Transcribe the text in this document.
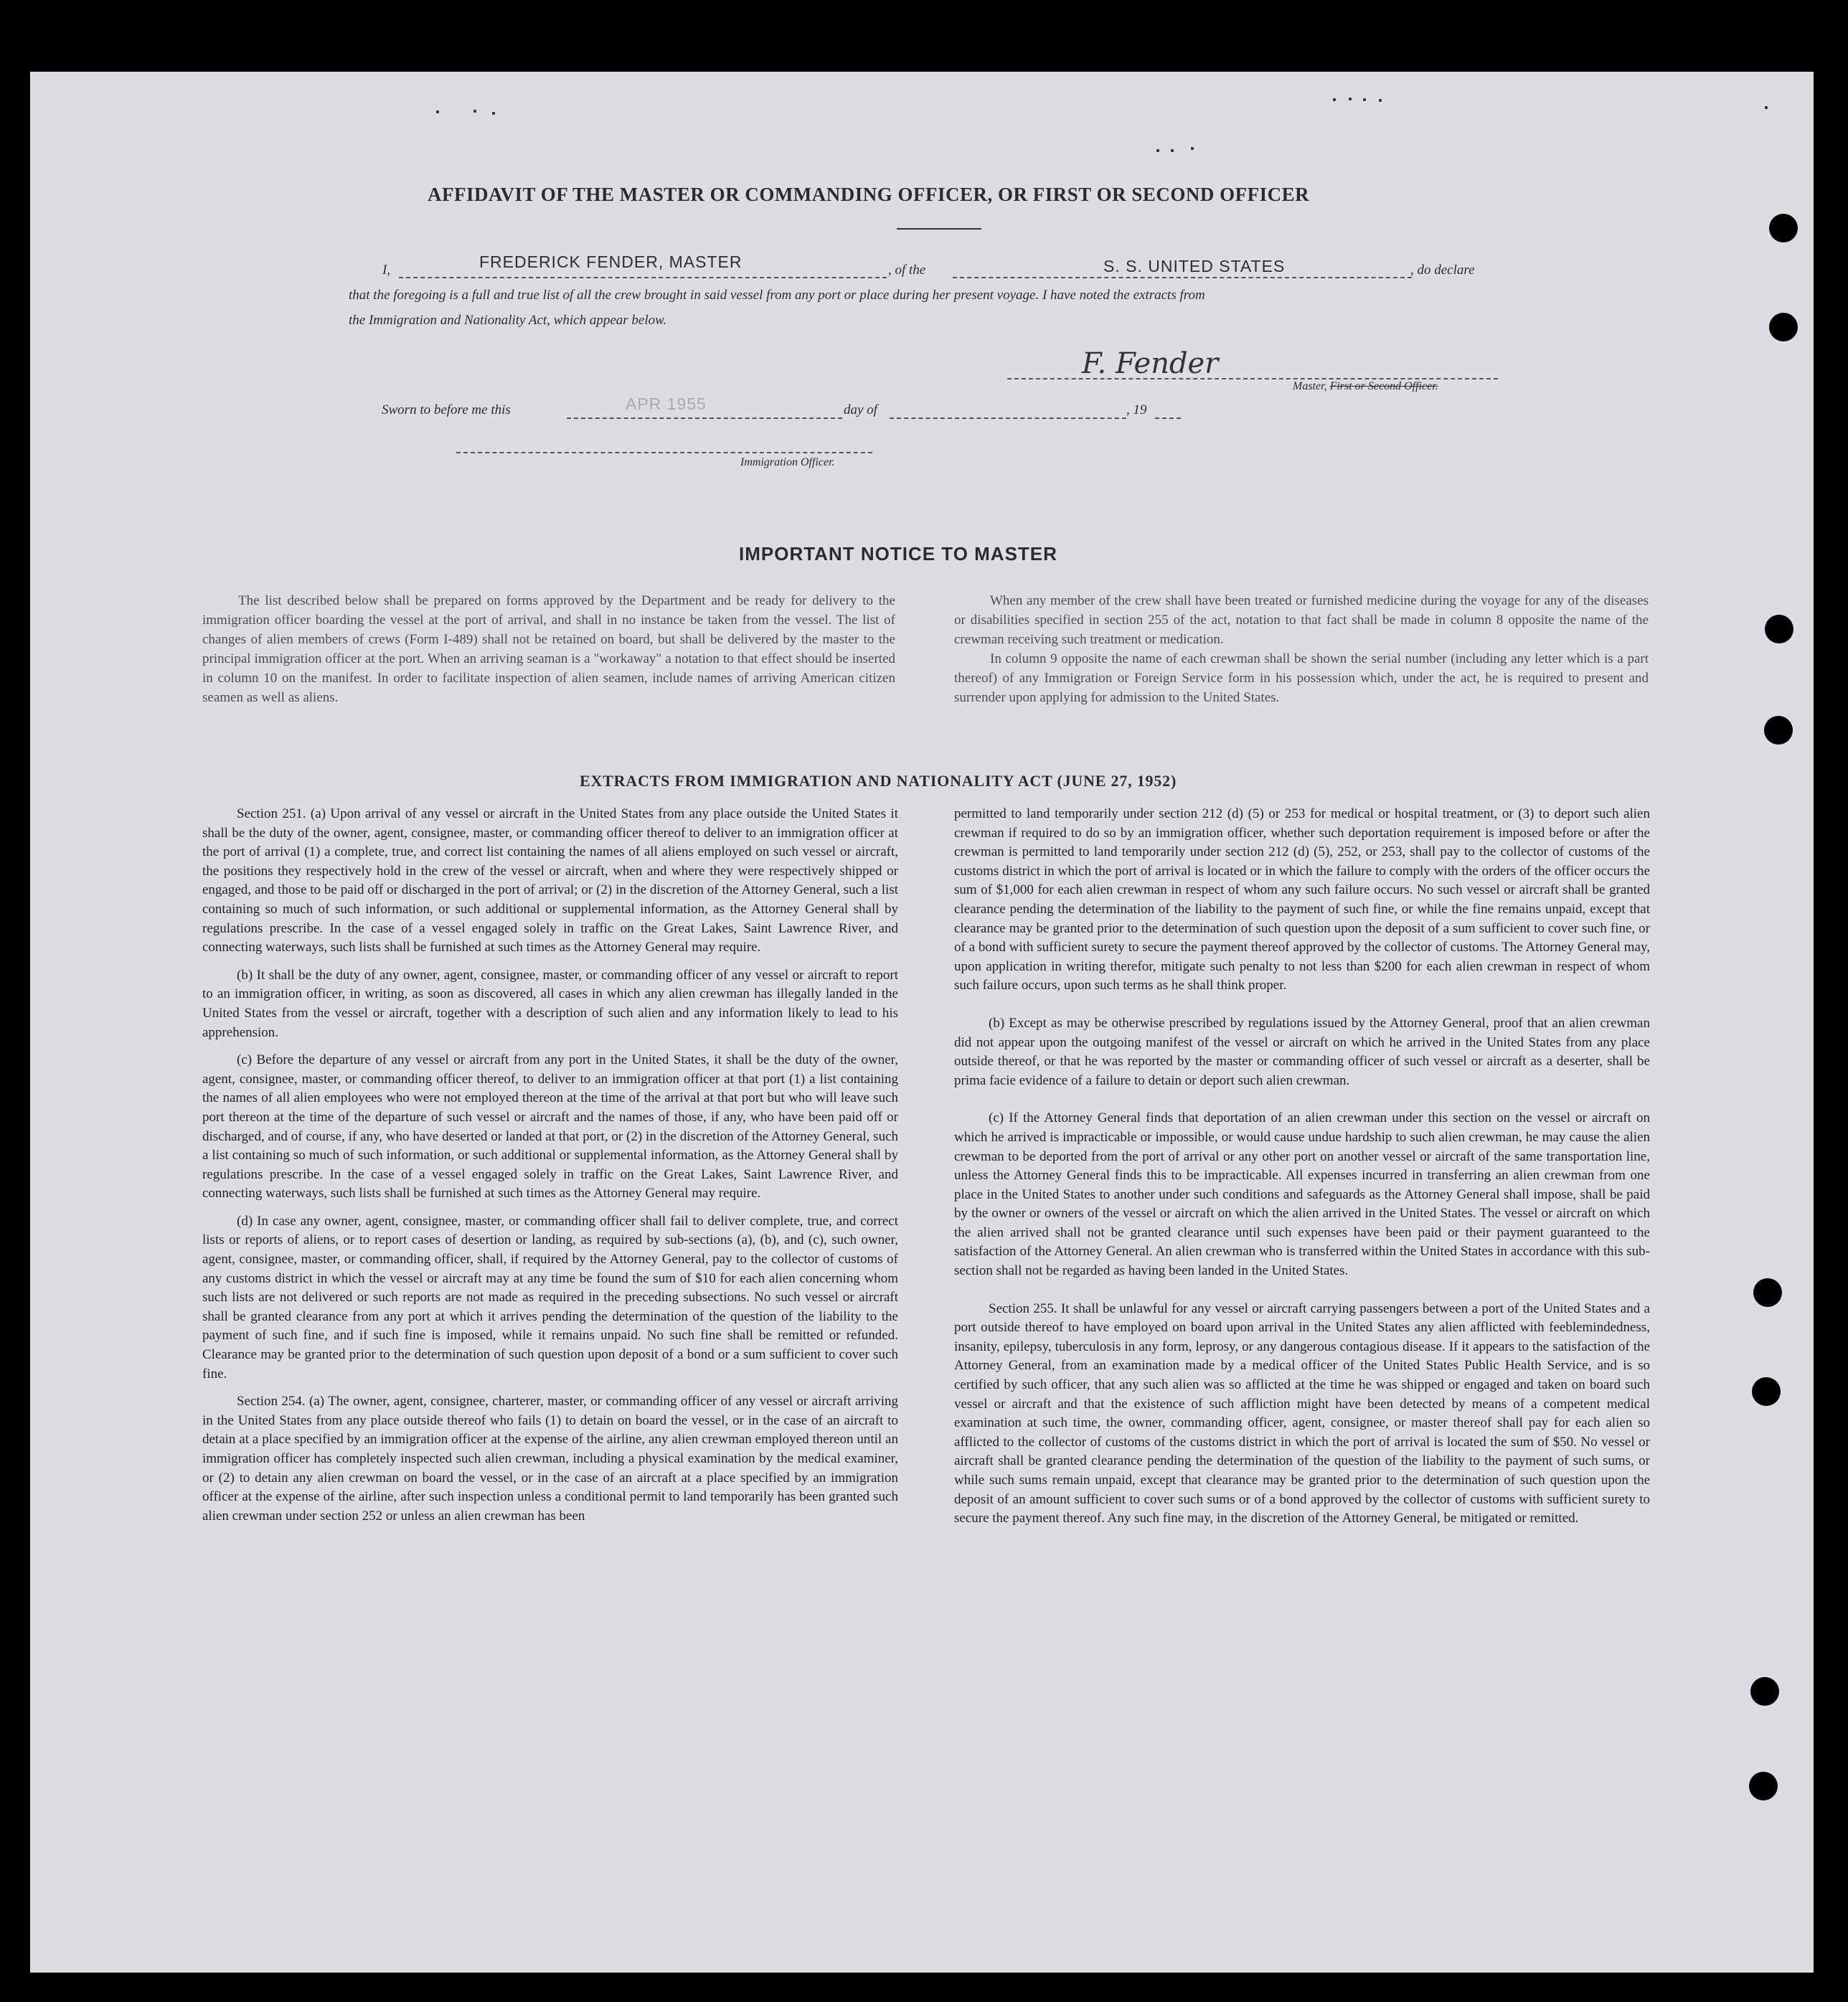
AFFIDAVIT OF THE MASTER OR COMMANDING OFFICER, OR FIRST OR SECOND OFFICER
I,	FREDERICK FENDER, MASTER	, of the	S. S. UNITED STATES	, do declare
that the foregoing is a full and true list of all the crew brought in said vessel from any port or place during her present voyage. I have noted the extracts from
the Immigration and Nationality Act, which appear below.
F. Fender
Master, First or Second Officer.
Sworn to before me this	APR 1955	day of	, 19
Immigration Officer.
IMPORTANT NOTICE TO MASTER

The list described below shall be prepared on forms approved by the Department and be ready for delivery to the immigration officer boarding the vessel at the port of arrival, and shall in no instance be taken from the vessel. The list of changes of alien members of crews (Form I-489) shall not be retained on board, but shall be delivered by the master to the principal immigration officer at the port. When an arriving seaman is a "workaway" a notation to that effect should be inserted in column 10 on the manifest. In order to facilitate inspection of alien seamen, include names of arriving American citizen seamen as well as aliens.

When any member of the crew shall have been treated or furnished medicine during the voyage for any of the diseases or disabilities specified in section 255 of the act, notation to that fact shall be made in column 8 opposite the name of the crewman receiving such treatment or medication.

In column 9 opposite the name of each crewman shall be shown the serial number (including any letter which is a part thereof) of any Immigration or Foreign Service form in his possession which, under the act, he is required to present and surrender upon applying for admission to the United States.

EXTRACTS FROM IMMIGRATION AND NATIONALITY ACT (JUNE 27, 1952)

Section 251. (a) Upon arrival of any vessel or aircraft in the United States from any place outside the United States it shall be the duty of the owner, agent, consignee, master, or commanding officer thereof to deliver to an immigration officer at the port of arrival (1) a complete, true, and correct list containing the names of all aliens employed on such vessel or aircraft, the positions they respectively hold in the crew of the vessel or aircraft, when and where they were respectively shipped or engaged, and those to be paid off or discharged in the port of arrival; or (2) in the discretion of the Attorney General, such a list containing so much of such information, or such additional or supplemental information, as the Attorney General shall by regulations prescribe. In the case of a vessel engaged solely in traffic on the Great Lakes, Saint Lawrence River, and connecting waterways, such lists shall be furnished at such times as the Attorney General may require.

(b) It shall be the duty of any owner, agent, consignee, master, or commanding officer of any vessel or aircraft to report to an immigration officer, in writing, as soon as discovered, all cases in which any alien crewman has illegally landed in the United States from the vessel or aircraft, together with a description of such alien and any information likely to lead to his apprehension.

(c) Before the departure of any vessel or aircraft from any port in the United States, it shall be the duty of the owner, agent, consignee, master, or commanding officer thereof, to deliver to an immigration officer at that port (1) a list containing the names of all alien employees who were not employed thereon at the time of the arrival at that port but who will leave such port thereon at the time of the departure of such vessel or aircraft and the names of those, if any, who have been paid off or discharged, and of course, if any, who have deserted or landed at that port, or (2) in the discretion of the Attorney General, such a list containing so much of such information, or such additional or supplemental information, as the Attorney General shall by regulations prescribe. In the case of a vessel engaged solely in traffic on the Great Lakes, Saint Lawrence River, and connecting waterways, such lists shall be furnished at such times as the Attorney General may require.

(d) In case any owner, agent, consignee, master, or commanding officer shall fail to deliver complete, true, and correct lists or reports of aliens, or to report cases of desertion or landing, as required by sub-sections (a), (b), and (c), such owner, agent, consignee, master, or commanding officer, shall, if required by the Attorney General, pay to the collector of customs of any customs district in which the vessel or aircraft may at any time be found the sum of $10 for each alien concerning whom such lists are not delivered or such reports are not made as required in the preceding subsections. No such vessel or aircraft shall be granted clearance from any port at which it arrives pending the determination of the question of the liability to the payment of such fine, and if such fine is imposed, while it remains unpaid. No such fine shall be remitted or refunded. Clearance may be granted prior to the determination of such question upon deposit of a bond or a sum sufficient to cover such fine.

Section 254. (a) The owner, agent, consignee, charterer, master, or commanding officer of any vessel or aircraft arriving in the United States from any place outside thereof who fails (1) to detain on board the vessel, or in the case of an aircraft to detain at a place specified by an immigration officer at the expense of the airline, any alien crewman employed thereon until an immigration officer has completely inspected such alien crewman, including a physical examination by the medical examiner, or (2) to detain any alien crewman on board the vessel, or in the case of an aircraft at a place specified by an immigration officer at the expense of the airline, after such inspection unless a conditional permit to land temporarily has been granted such alien crewman under section 252 or unless an alien crewman has been

permitted to land temporarily under section 212 (d) (5) or 253 for medical or hospital treatment, or (3) to deport such alien crewman if required to do so by an immigration officer, whether such deportation requirement is imposed before or after the crewman is permitted to land temporarily under section 212 (d) (5), 252, or 253, shall pay to the collector of customs of the customs district in which the port of arrival is located or in which the failure to comply with the orders of the officer occurs the sum of $1,000 for each alien crewman in respect of whom any such failure occurs. No such vessel or aircraft shall be granted clearance pending the determination of the liability to the payment of such fine, or while the fine remains unpaid, except that clearance may be granted prior to the determination of such question upon the deposit of a sum sufficient to cover such fine, or of a bond with sufficient surety to secure the payment thereof approved by the collector of customs. The Attorney General may, upon application in writing therefor, mitigate such penalty to not less than $200 for each alien crewman in respect of whom such failure occurs, upon such terms as he shall think proper.

(b) Except as may be otherwise prescribed by regulations issued by the Attorney General, proof that an alien crewman did not appear upon the outgoing manifest of the vessel or aircraft on which he arrived in the United States from any place outside thereof, or that he was reported by the master or commanding officer of such vessel or aircraft as a deserter, shall be prima facie evidence of a failure to detain or deport such alien crewman.

(c) If the Attorney General finds that deportation of an alien crewman under this section on the vessel or aircraft on which he arrived is impracticable or impossible, or would cause undue hardship to such alien crewman, he may cause the alien crewman to be deported from the port of arrival or any other port on another vessel or aircraft of the same transportation line, unless the Attorney General finds this to be impracticable. All expenses incurred in transferring an alien crewman from one place in the United States to another under such conditions and safeguards as the Attorney General shall impose, shall be paid by the owner or owners of the vessel or aircraft on which the alien arrived in the United States. The vessel or aircraft on which the alien arrived shall not be granted clearance until such expenses have been paid or their payment guaranteed to the satisfaction of the Attorney General. An alien crewman who is transferred within the United States in accordance with this sub-section shall not be regarded as having been landed in the United States.

Section 255. It shall be unlawful for any vessel or aircraft carrying passengers between a port of the United States and a port outside thereof to have employed on board upon arrival in the United States any alien afflicted with feeblemindedness, insanity, epilepsy, tuberculosis in any form, leprosy, or any dangerous contagious disease. If it appears to the satisfaction of the Attorney General, from an examination made by a medical officer of the United States Public Health Service, and is so certified by such officer, that any such alien was so afflicted at the time he was shipped or engaged and taken on board such vessel or aircraft and that the existence of such affliction might have been detected by means of a competent medical examination at such time, the owner, commanding officer, agent, consignee, or master thereof shall pay for each alien so afflicted to the collector of customs of the customs district in which the port of arrival is located the sum of $50. No vessel or aircraft shall be granted clearance pending the determination of the question of the liability to the payment of such sums, or while such sums remain unpaid, except that clearance may be granted prior to the determination of such question upon the deposit of an amount sufficient to cover such sums or of a bond approved by the collector of customs with sufficient surety to secure the payment thereof. Any such fine may, in the discretion of the Attorney General, be mitigated or remitted.
